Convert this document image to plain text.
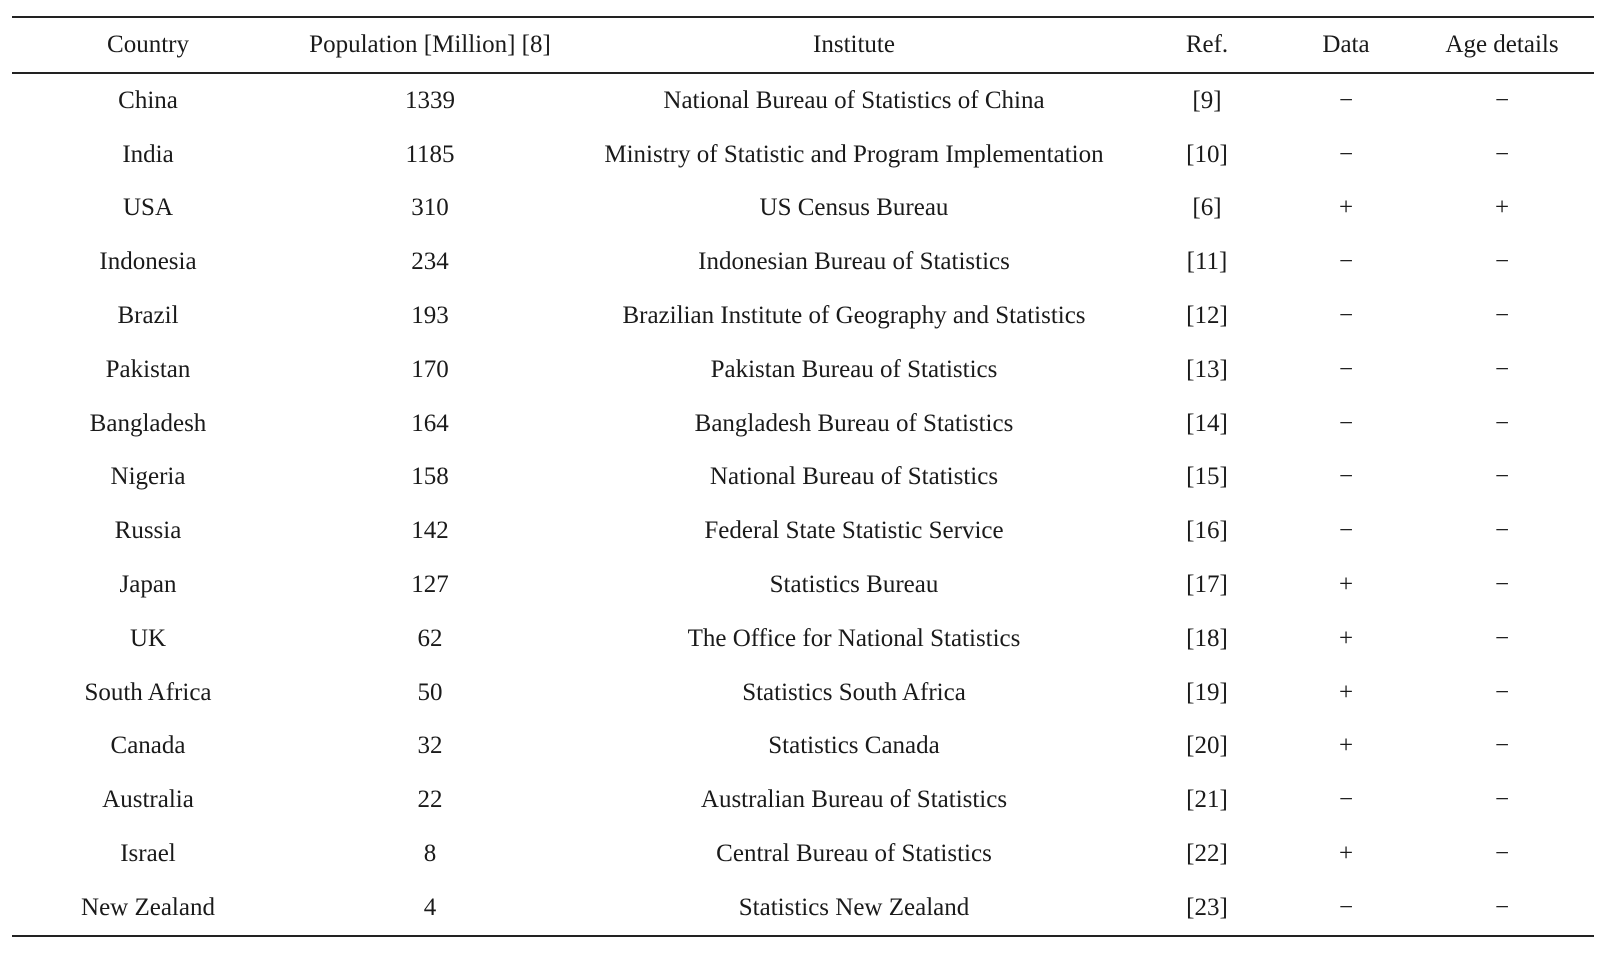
Country	Population [Million] [8]	Institute	Ref.	Data	Age details
China	1339	National Bureau of Statistics of China	[9]	−	−
India	1185	Ministry of Statistic and Program Implementation	[10]	−	−
USA	310	US Census Bureau	[6]	+	+
Indonesia	234	Indonesian Bureau of Statistics	[11]	−	−
Brazil	193	Brazilian Institute of Geography and Statistics	[12]	−	−
Pakistan	170	Pakistan Bureau of Statistics	[13]	−	−
Bangladesh	164	Bangladesh Bureau of Statistics	[14]	−	−
Nigeria	158	National Bureau of Statistics	[15]	−	−
Russia	142	Federal State Statistic Service	[16]	−	−
Japan	127	Statistics Bureau	[17]	+	−
UK	62	The Office for National Statistics	[18]	+	−
South Africa	50	Statistics South Africa	[19]	+	−
Canada	32	Statistics Canada	[20]	+	−
Australia	22	Australian Bureau of Statistics	[21]	−	−
Israel	8	Central Bureau of Statistics	[22]	+	−
New Zealand	4	Statistics New Zealand	[23]	−	−
